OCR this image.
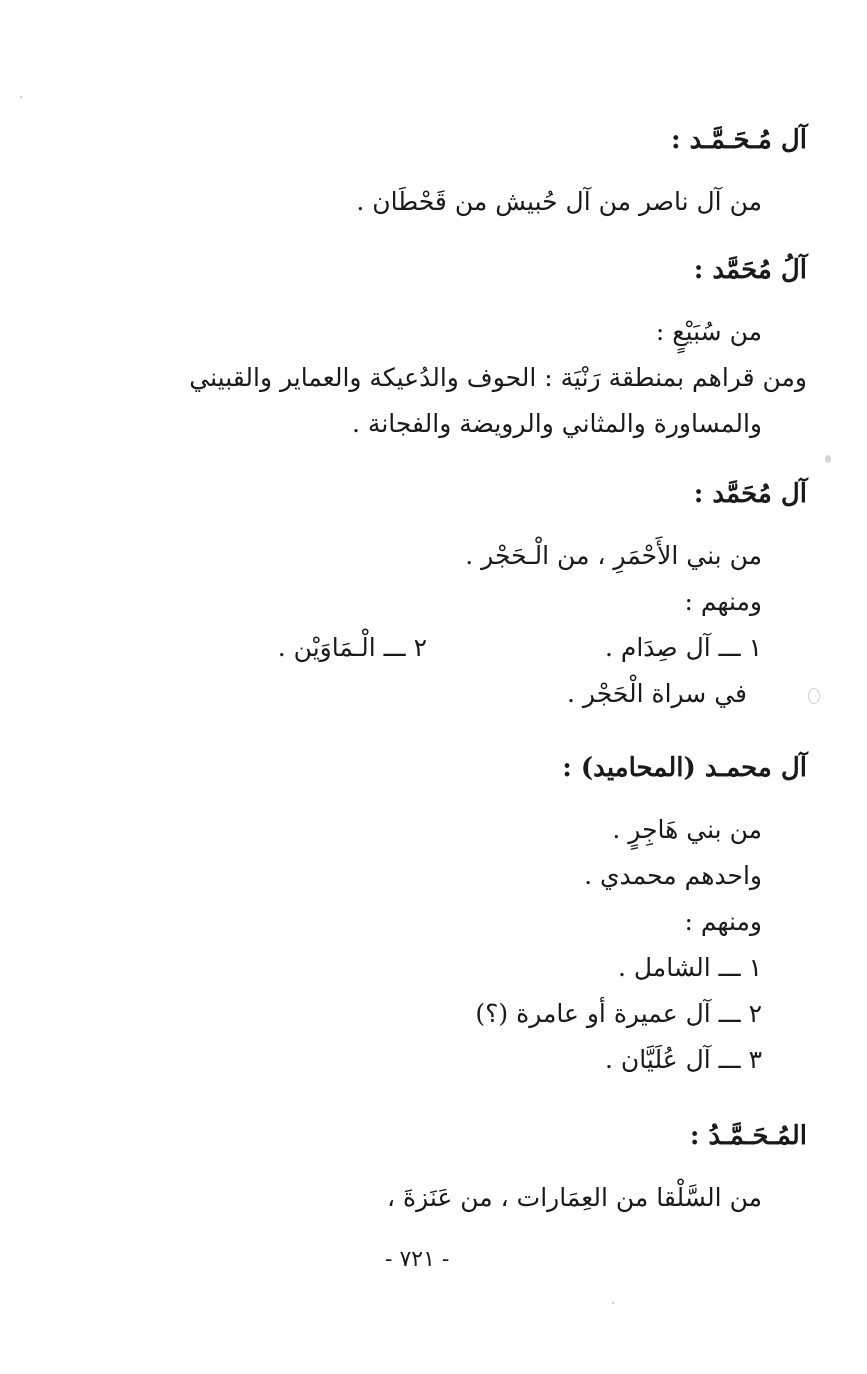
آل مُـحَـمَّـد :
من آل ناصر من آل حُبيش من قَحْطَان .
آلُ مُحَمَّد :
من سُبَيْعٍ :
ومن قراهم بمنطقة رَنْيَة : الحوف والدُعيكة والعماير والقبيني
والمساورة والمثاني والرويضة والفجانة .
آل مُحَمَّد :
من بني الأَحْمَرِ ، من الْـحَجْر .
ومنهم :
١ ـــ آل صِدَام .
٢ ـــ الْـمَاوَيْن .
في سراة الْحَجْر .
آل محمـد (المحاميد) :
من بني هَاجِرٍ .
واحدهم محمدي .
ومنهم :
١ ـــ الشامل .
٢ ـــ آل عميرة أو عامرة (؟)
٣ ـــ آل عُلَيَّان .
المُـحَـمَّـدُ :
من السَّلْقا من العِمَارات ، من عَنَزةَ ،
- ٧٢١ -
